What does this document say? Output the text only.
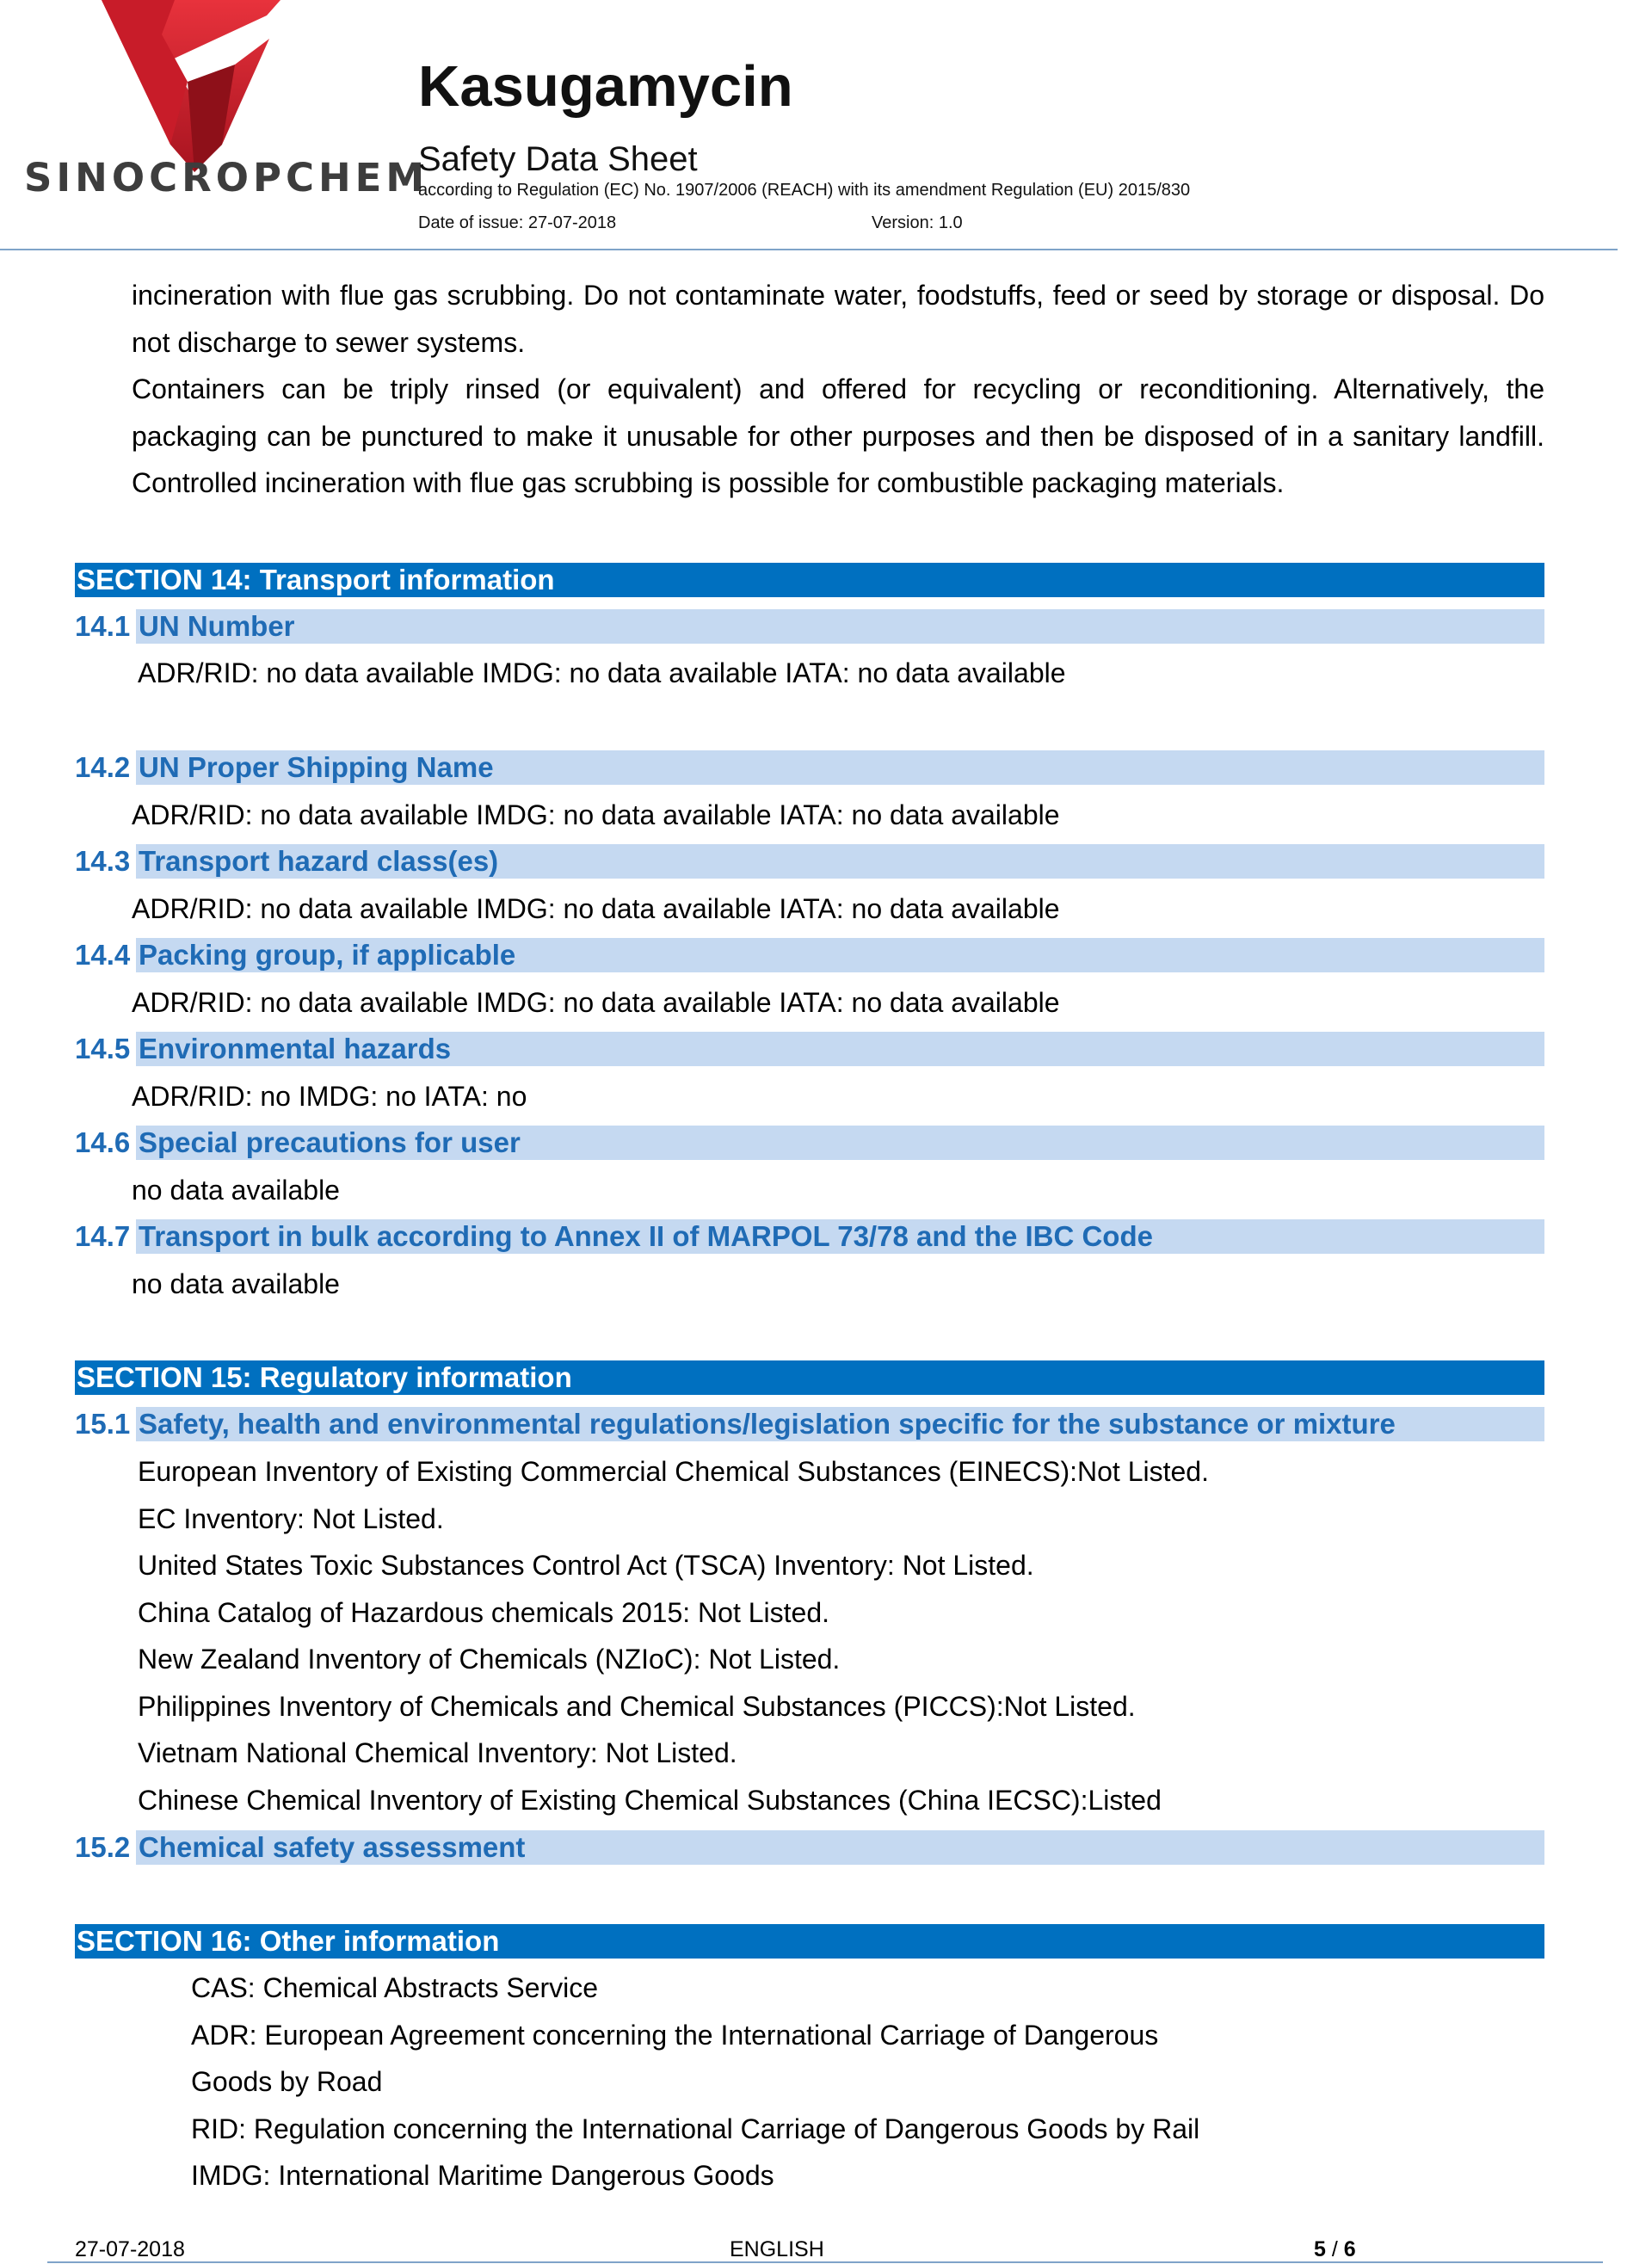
SINOCROPCHEM
Kasugamycin
Safety Data Sheet
according to Regulation (EC) No. 1907/2006 (REACH) with its amendment Regulation (EU) 2015/830
Date of issue: 27-07-2018	Version: 1.0

incineration with flue gas scrubbing. Do not contaminate water, foodstuffs, feed or seed by storage or disposal. Do not discharge to sewer systems.

Containers can be triply rinsed (or equivalent) and offered for recycling or reconditioning. Alternatively, the packaging can be punctured to make it unusable for other purposes and then be disposed of in a sanitary landfill. Controlled incineration with flue gas scrubbing is possible for combustible packaging materials.

SECTION 14: Transport information
14.1 UN Number
ADR/RID: no data available IMDG: no data available IATA: no data available
14.2 UN Proper Shipping Name
ADR/RID: no data available IMDG: no data available IATA: no data available
14.3 Transport hazard class(es)
ADR/RID: no data available IMDG: no data available IATA: no data available
14.4 Packing group, if applicable
ADR/RID: no data available IMDG: no data available IATA: no data available
14.5 Environmental hazards
ADR/RID: no IMDG: no IATA: no
14.6 Special precautions for user
no data available
14.7 Transport in bulk according to Annex II of MARPOL 73/78 and the IBC Code
no data available
SECTION 15: Regulatory information
15.1 Safety, health and environmental regulations/legislation specific for the substance or mixture
European Inventory of Existing Commercial Chemical Substances (EINECS):Not Listed.
EC Inventory: Not Listed.
United States Toxic Substances Control Act (TSCA) Inventory: Not Listed.
China Catalog of Hazardous chemicals 2015: Not Listed.
New Zealand Inventory of Chemicals (NZIoC): Not Listed.
Philippines Inventory of Chemicals and Chemical Substances (PICCS):Not Listed.
Vietnam National Chemical Inventory: Not Listed.
Chinese Chemical Inventory of Existing Chemical Substances (China IECSC):Listed
15.2 Chemical safety assessment
SECTION 16: Other information
CAS: Chemical Abstracts Service
ADR: European Agreement concerning the International Carriage of Dangerous
Goods by Road
RID: Regulation concerning the International Carriage of Dangerous Goods by Rail
IMDG: International Maritime Dangerous Goods
27-07-2018	ENGLISH	5 / 6
